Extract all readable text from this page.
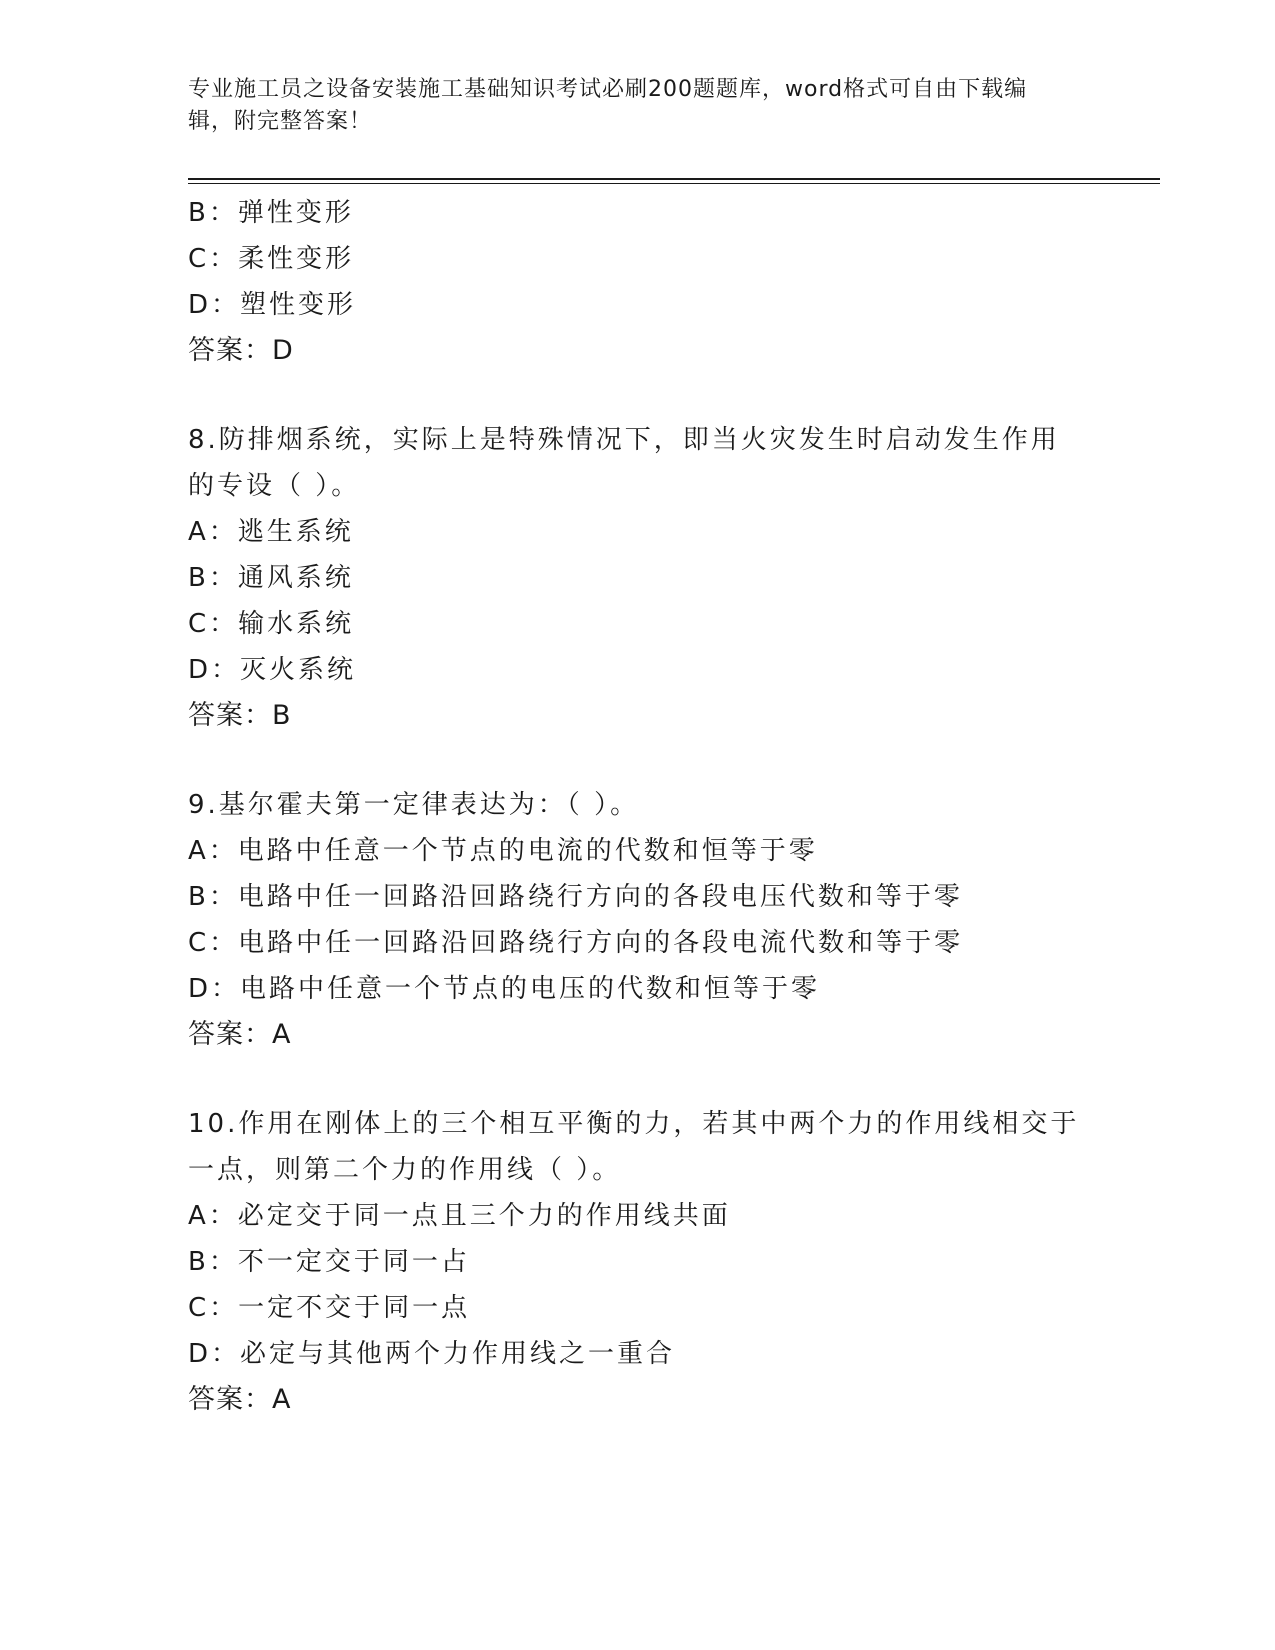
专业施工员之设备安装施工基础知识考试必刷200题题库，word格式可自由下载编辑，附完整答案！
B：弹性变形
C：柔性变形
D：塑性变形
答案：D
8.防排烟系统，实际上是特殊情况下，即当火灾发生时启动发生作用
的专设（ ）。
A：逃生系统
B：通风系统
C：输水系统
D：灭火系统
答案：B
9.基尔霍夫第一定律表达为：（ ）。
A：电路中任意一个节点的电流的代数和恒等于零
B：电路中任一回路沿回路绕行方向的各段电压代数和等于零
C：电路中任一回路沿回路绕行方向的各段电流代数和等于零
D：电路中任意一个节点的电压的代数和恒等于零
答案：A
10.作用在刚体上的三个相互平衡的力，若其中两个力的作用线相交于
一点，则第二个力的作用线（ ）。
A：必定交于同一点且三个力的作用线共面
B：不一定交于同一占
C：一定不交于同一点
D：必定与其他两个力作用线之一重合
答案：A
